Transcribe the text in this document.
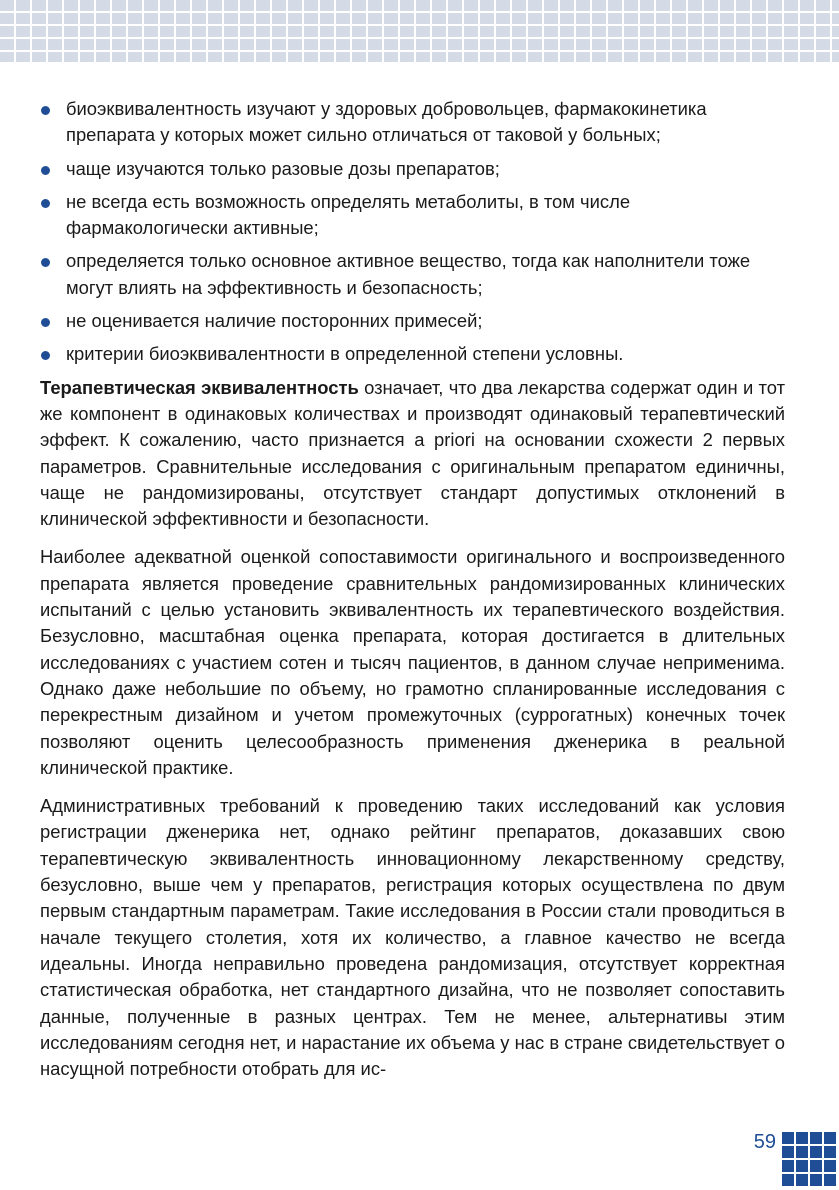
биоэквивалентность изучают у здоровых добровольцев, фармакокинетика препарата у которых может сильно отличаться от таковой у больных;
чаще изучаются только разовые дозы препаратов;
не всегда есть возможность определять метаболиты, в том числе фармакологически активные;
определяется только основное активное вещество, тогда как наполнители тоже могут влиять на эффективность и безопасность;
не оценивается наличие посторонних примесей;
критерии биоэквивалентности в определенной степени условны.

Терапевтическая эквивалентность означает, что два лекарства содержат один и тот же компонент в одинаковых количествах и производят одинаковый терапевтический эффект. К сожалению, часто признается a priori на основании схожести 2 первых параметров. Сравнительные исследования с оригинальным препаратом единичны, чаще не рандомизированы, отсутствует стандарт допустимых отклонений в клинической эффективности и безопасности.

Наиболее адекватной оценкой сопоставимости оригинального и воспроизведенного препарата является проведение сравнительных рандомизированных клинических испытаний с целью установить эквивалентность их терапевтического воздействия. Безусловно, масштабная оценка препарата, которая достигается в длительных исследованиях с участием сотен и тысяч пациентов, в данном случае неприменима. Однако даже небольшие по объему, но грамотно спланированные исследования с перекрестным дизайном и учетом промежуточных (суррогатных) конечных точек позволяют оценить целесообразность применения дженерика в реальной клинической практике.

Административных требований к проведению таких исследований как условия регистрации дженерика нет, однако рейтинг препаратов, доказавших свою терапевтическую эквивалентность инновационному лекарственному средству, безусловно, выше чем у препаратов, регистрация которых осуществлена по двум первым стандартным параметрам. Такие исследования в России стали проводиться в начале текущего столетия, хотя их количество, а главное качество не всегда идеальны. Иногда неправильно проведена рандомизация, отсутствует корректная статистическая обработка, нет стандартного дизайна, что не позволяет сопоставить данные, полученные в разных центрах. Тем не менее, альтернативы этим исследованиям сегодня нет, и нарастание их объема у нас в стране свидетельствует о насущной потребности отобрать для ис-

59
